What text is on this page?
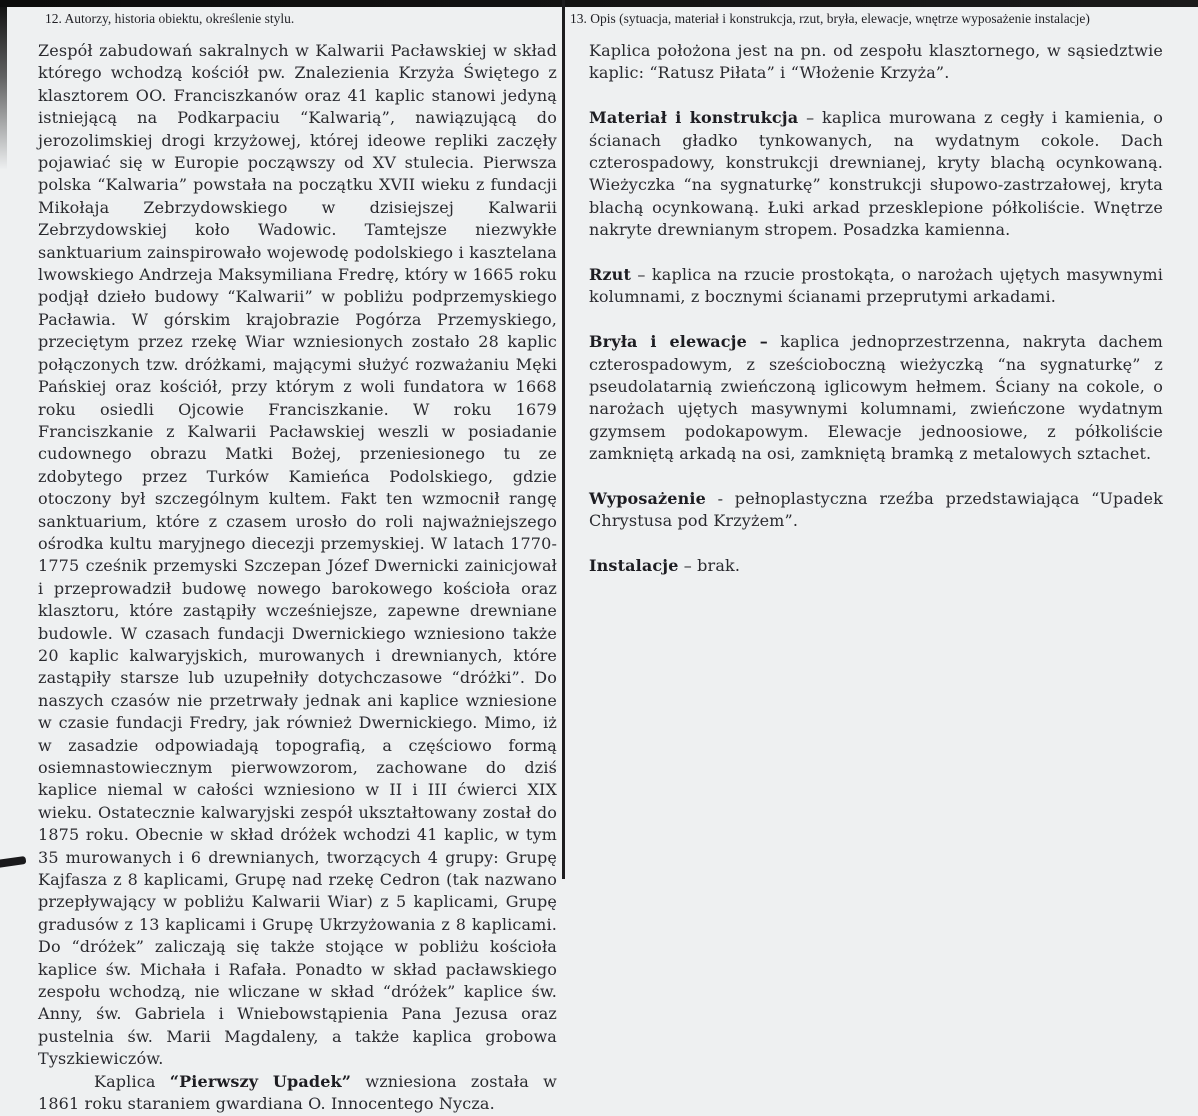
12. Autorzy, historia obiektu, określenie stylu.	13. Opis (sytuacja, materiał i konstrukcja, rzut, bryła, elewacje, wnętrze wyposażenie instalacje)

Zespół zabudowań sakralnych w Kalwarii Pacławskiej w skład którego wchodzą kościół pw. Znalezienia Krzyża Świętego z klasztorem OO. Franciszkanów oraz 41 kaplic stanowi jedyną istniejącą na Podkarpaciu “Kalwarią”, nawiązującą do jerozolimskiej drogi krzyżowej, której ideowe repliki zaczęły pojawiać się w Europie począwszy od XV stulecia. Pierwsza polska “Kalwaria” powstała na początku XVII wieku z fundacji Mikołaja Zebrzydowskiego w dzisiejszej Kalwarii Zebrzydowskiej koło Wadowic. Tamtejsze niezwykłe sanktuarium zainspirowało wojewodę podolskiego i kasztelana lwowskiego Andrzeja Maksymiliana Fredrę, który w 1665 roku podjął dzieło budowy “Kalwarii” w pobliżu podprzemyskiego Pacławia. W górskim krajobrazie Pogórza Przemyskiego, przeciętym przez rzekę Wiar wzniesionych zostało 28 kaplic połączonych tzw. dróżkami, mającymi służyć rozważaniu Męki Pańskiej oraz kościół, przy którym z woli fundatora w 1668 roku osiedli Ojcowie Franciszkanie. W roku 1679 Franciszkanie z Kalwarii Pacławskiej weszli w posiadanie cudownego obrazu Matki Bożej, przeniesionego tu ze zdobytego przez Turków Kamieńca Podolskiego, gdzie otoczony był szczególnym kultem. Fakt ten wzmocnił rangę sanktuarium, które z czasem urosło do roli najważniejszego ośrodka kultu maryjnego diecezji przemyskiej. W latach 1770-1775 cześnik przemyski Szczepan Józef Dwernicki zainicjował i przeprowadził budowę nowego barokowego kościoła oraz klasztoru, które zastąpiły wcześniejsze, zapewne drewniane budowle. W czasach fundacji Dwernickiego wzniesiono także 20 kaplic kalwaryjskich, murowanych i drewnianych, które zastąpiły starsze lub uzupełniły dotychczasowe “dróżki”. Do naszych czasów nie przetrwały jednak ani kaplice wzniesione w czasie fundacji Fredry, jak również Dwernickiego. Mimo, iż w zasadzie odpowiadają topografią, a częściowo formą osiemnastowiecznym pierwowzorom, zachowane do dziś kaplice niemal w całości wzniesiono w II i III ćwierci XIX wieku. Ostatecznie kalwaryjski zespół ukształtowany został do 1875 roku. Obecnie w skład dróżek wchodzi 41 kaplic, w tym 35 murowanych i 6 drewnianych, tworzących 4 grupy: Grupę Kajfasza z 8 kaplicami, Grupę nad rzekę Cedron (tak nazwano przepływający w pobliżu Kalwarii Wiar) z 5 kaplicami, Grupę gradusów z 13 kaplicami i Grupę Ukrzyżowania z 8 kaplicami. Do “dróżek” zaliczają się także stojące w pobliżu kościoła kaplice św. Michała i Rafała. Ponadto w skład pacławskiego zespołu wchodzą, nie wliczane w skład “dróżek” kaplice św. Anny, św. Gabriela i Wniebowstąpienia Pana Jezusa oraz pustelnia św. Marii Magdaleny, a także kaplica grobowa Tyszkiewiczów.

Kaplica “Pierwszy Upadek” wzniesiona została w 1861 roku staraniem gwardiana O. Innocentego Nycza.

Kaplica położona jest na pn. od zespołu klasztornego, w sąsiedztwie kaplic: “Ratusz Piłata” i “Włożenie Krzyża”.

Materiał i konstrukcja – kaplica murowana z cegły i kamienia, o ścianach gładko tynkowanych, na wydatnym cokole. Dach czterospadowy, konstrukcji drewnianej, kryty blachą ocynkowaną. Wieżyczka “na sygnaturkę” konstrukcji słupowo-zastrzałowej, kryta blachą ocynkowaną. Łuki arkad przesklepione półkoliście. Wnętrze nakryte drewnianym stropem. Posadzka kamienna.

Rzut – kaplica na rzucie prostokąta, o narożach ujętych masywnymi kolumnami, z bocznymi ścianami przeprutymi arkadami.

Bryła i elewacje – kaplica jednoprzestrzenna, nakryta dachem czterospadowym, z sześcioboczną wieżyczką “na sygnaturkę” z pseudolatarnią zwieńczoną iglicowym hełmem. Ściany na cokole, o narożach ujętych masywnymi kolumnami, zwieńczone wydatnym gzymsem podokapowym. Elewacje jednoosiowe, z półkoliście zamkniętą arkadą na osi, zamkniętą bramką z metalowych sztachet.

Wyposażenie - pełnoplastyczna rzeźba przedstawiająca “Upadek Chrystusa pod Krzyżem”.

Instalacje – brak.
